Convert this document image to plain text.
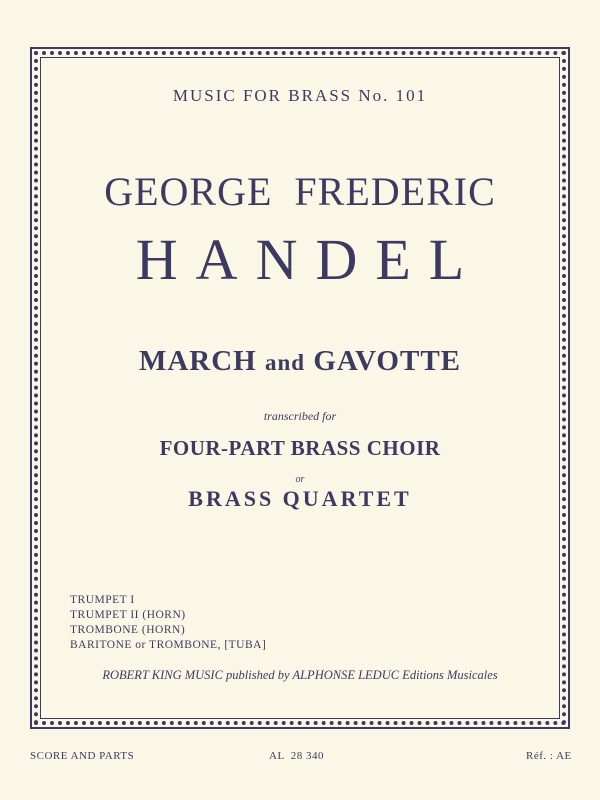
MUSIC FOR BRASS No. 101
GEORGE  FREDERIC
HANDEL
MARCH and GAVOTTE
transcribed for
FOUR-PART BRASS CHOIR
or
BRASS QUARTET
TRUMPET I
TRUMPET II (HORN)
TROMBONE (HORN)
BARITONE or TROMBONE, [TUBA]
ROBERT KING MUSIC published by ALPHONSE LEDUC Editions Musicales
SCORE AND PARTS	AL  28 340	Réf. : AE
